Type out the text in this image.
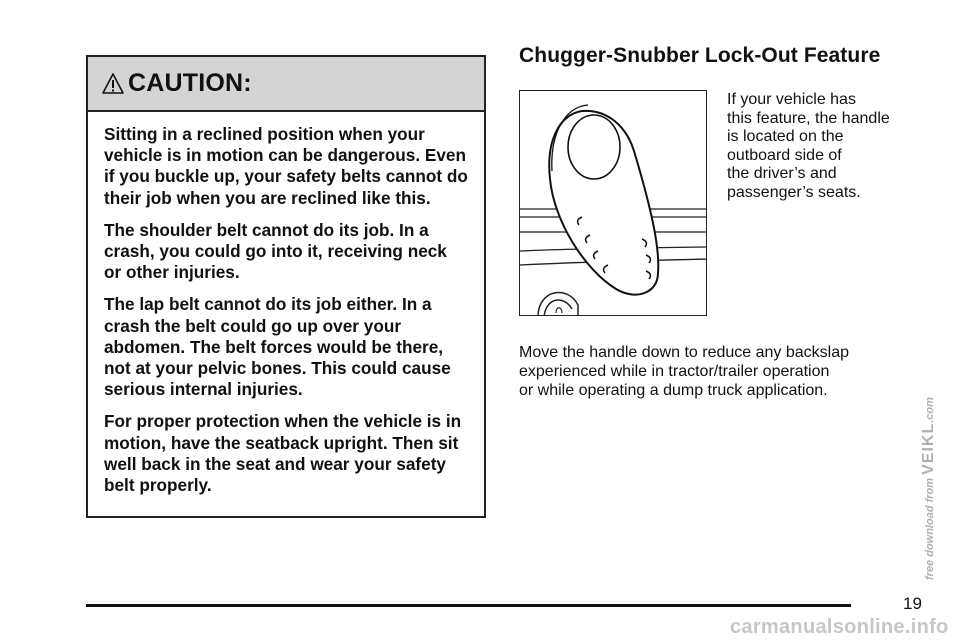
CAUTION:

Sitting in a reclined position when your vehicle is in motion can be dangerous. Even if you buckle up, your safety belts cannot do their job when you are reclined like this.

The shoulder belt cannot do its job. In a crash, you could go into it, receiving neck or other injuries.

The lap belt cannot do its job either. In a crash the belt could go up over your abdomen. The belt forces would be there, not at your pelvic bones. This could cause serious internal injuries.

For proper protection when the vehicle is in motion, have the seatback upright. Then sit well back in the seat and wear your safety belt properly.

Chugger-Snubber Lock-Out Feature

If your vehicle has
this feature, the handle
is located on the
outboard side of
the driver’s and
passenger’s seats.

Move the handle down to reduce any backslap
experienced while in tractor/trailer operation
or while operating a dump truck application.

19
free download from VEIKL.com
carmanualsonline.info
